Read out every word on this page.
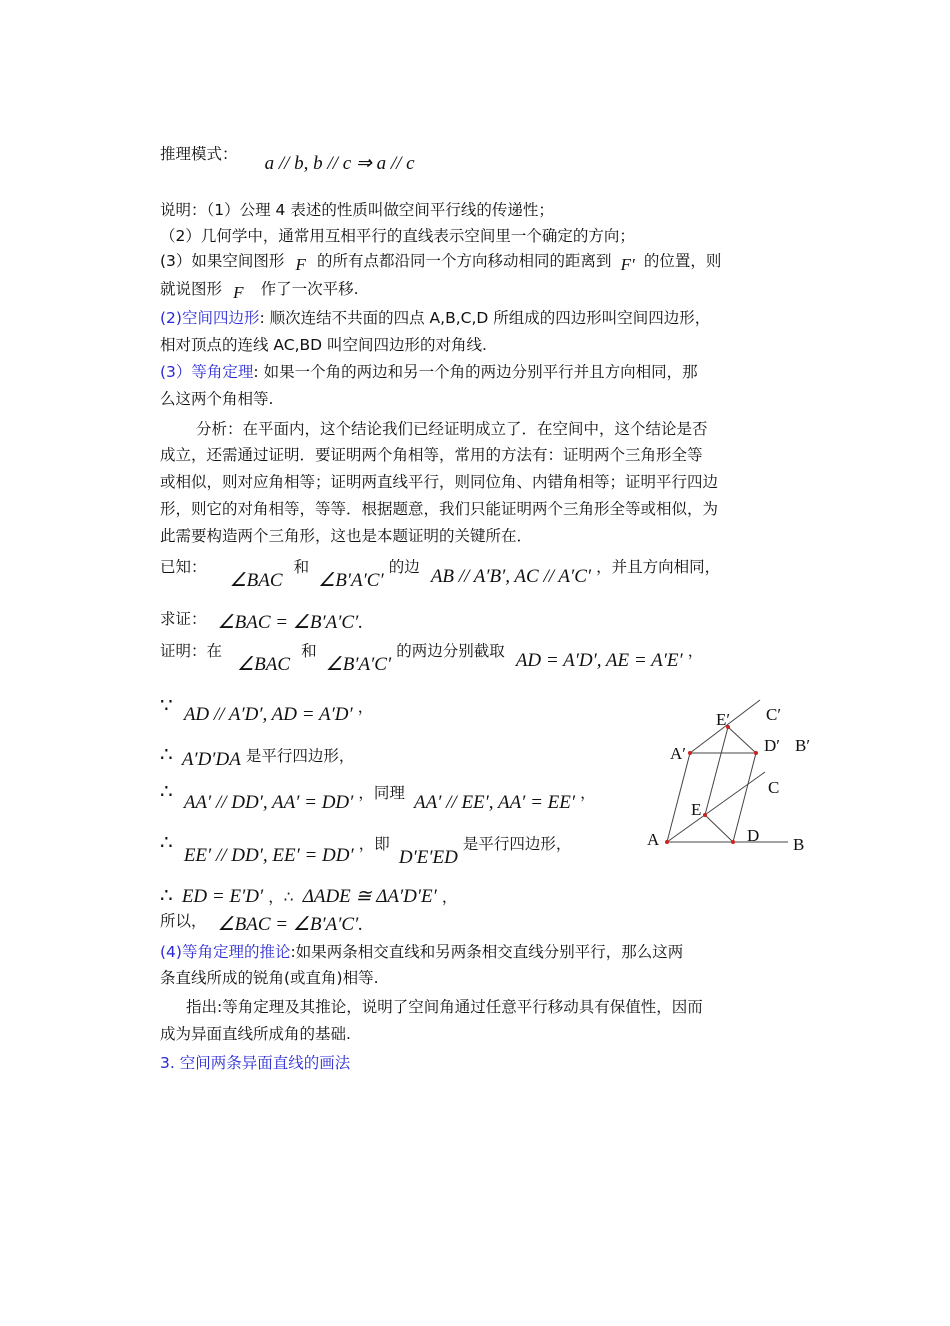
推理模式： a // b, b // c ⇒ a // c
说明：（1）公理 4 表述的性质叫做空间平行线的传递性；
（2）几何学中，通常用互相平行的直线表示空间里一个确定的方向；
(3）如果空间图形 F 的所有点都沿同一个方向移动相同的距离到 F′ 的位置，则
就说图形 F 作了一次平移.
(2)空间四边形: 顺次连结不共面的四点 A,B,C,D 所组成的四边形叫空间四边形，
相对顶点的连线 AC,BD 叫空间四边形的对角线.
(3）等角定理: 如果一个角的两边和另一个角的两边分别平行并且方向相同，那
么这两个角相等.
分析：在平面内，这个结论我们已经证明成立了．在空间中，这个结论是否
成立，还需通过证明．要证明两个角相等，常用的方法有：证明两个三角形全等
或相似，则对应角相等；证明两直线平行，则同位角、内错角相等；证明平行四边
形，则它的对角相等，等等．根据题意，我们只能证明两个三角形全等或相似，为
此需要构造两个三角形，这也是本题证明的关键所在．
已知： ∠BAC 和 ∠B′A′C′ 的边 AB // A′B′, AC // A′C′ ，并且方向相同，
求证： ∠BAC = ∠B′A′C′.
证明：在 ∠BAC 和 ∠B′A′C′ 的两边分别截取 AD = A′D′, AE = A′E′ ，
∵ AD // A′D′, AD = A′D′ ，
∴ A′D′DA 是平行四边形，
∴ AA′ // DD′, AA′ = DD′ ，同理 AA′ // EE′, AA′ = EE′ ，
∴ EE′ // DD′, EE′ = DD′ ，即 D′E′ED 是平行四边形，
∴ ED = E′D′ ，∴ ΔADE ≅ ΔA′D′E′ ，
所以， ∠BAC = ∠B′A′C′.
(4)等角定理的推论:如果两条相交直线和另两条相交直线分别平行，那么这两
条直线所成的锐角(或直角)相等.
指出:等角定理及其推论，说明了空间角通过任意平行移动具有保值性，因而
成为异面直线所成角的基础.
3. 空间两条异面直线的画法
E′ C′
A′	D′ B′
C
E
A	D B
